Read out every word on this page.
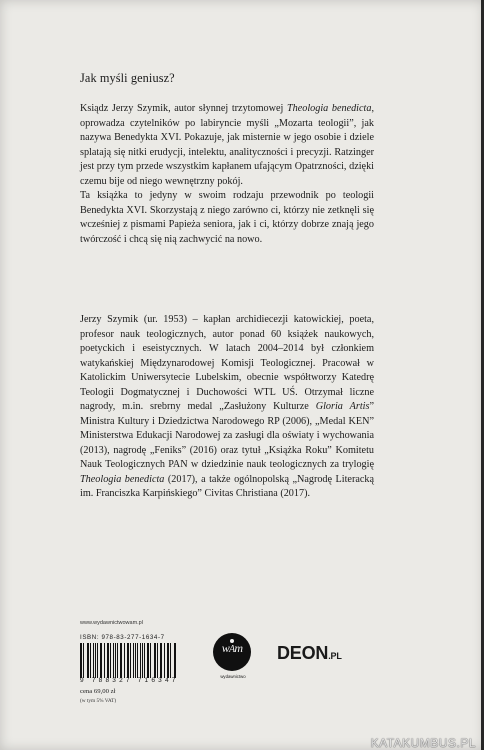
Jak myśli geniusz?

Ksiądz Jerzy Szymik, autor słynnej trzytomowej Theologia benedicta, oprowadza czytelników po labiryncie myśli „Mozarta teologii”, jak nazywa Benedykta XVI. Pokazuje, jak misternie w jego osobie i dziele splatają się nitki erudycji, intelektu, analityczności i precyzji. Ratzinger jest przy tym przede wszystkim kapłanem ufającym Opatrzności, dzięki czemu bije od niego wewnętrzny pokój.

Ta książka to jedyny w swoim rodzaju przewodnik po teologii Benedykta XVI. Skorzystają z niego zarówno ci, którzy nie zetknęli się wcześniej z pismami Papieża seniora, jak i ci, którzy dobrze znają jego twórczość i chcą się nią zachwycić na nowo.

Jerzy Szymik (ur. 1953) – kapłan archidiecezji katowickiej, poeta, profesor nauk teologicznych, autor ponad 60 książek naukowych, poetyckich i eseistycznych. W latach 2004–2014 był członkiem watykańskiej Międzynarodowej Komisji Teologicznej. Pracował w Katolickim Uniwersytecie Lubelskim, obecnie współtworzy Katedrę Teologii Dogmatycznej i Duchowości WTL UŚ. Otrzymał liczne nagrody, m.in. srebrny medal „Zasłużony Kulturze Gloria Artis” Ministra Kultury i Dziedzictwa Narodowego RP (2006), „Medal KEN” Ministerstwa Edukacji Narodowej za zasługi dla oświaty i wychowania (2013), nagrodę „Feniks” (2016) oraz tytuł „Książka Roku” Komitetu Nauk Teologicznych PAN w dziedzinie nauk teologicznych za trylogię Theologia benedicta (2017), a także ogólnopolską „Nagrodę Literacką im. Franciszka Karpińskiego” Civitas Christiana (2017).

www.wydawnictwowam.pl
ISBN: 978-83-277-1634-7
9 788327 716347
cena 69,00 zł
(w tym 5% VAT)
wAm
wydawnictwo
DEON.PL
KATAKUMBUS.PL
